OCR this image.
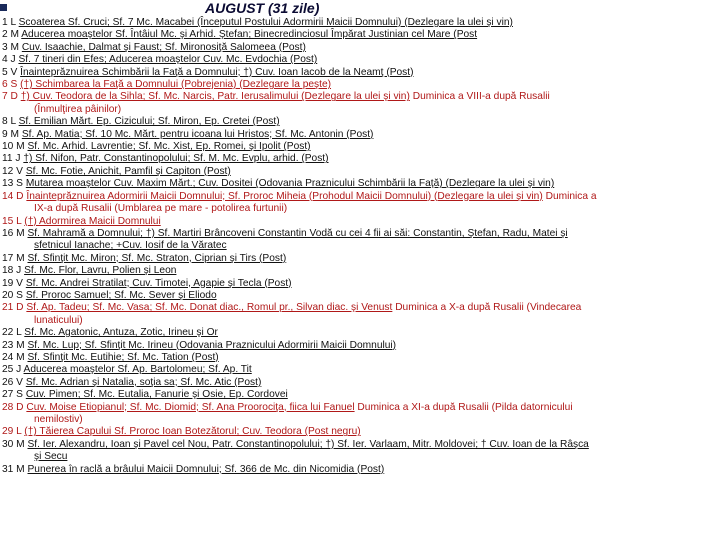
AUGUST (31 zile)
1 L Scoaterea Sf. Cruci; Sf. 7 Mc. Macabei (Începutul Postului Adormirii Maicii Domnului) (Dezlegare la ulei şi vin)
2 M Aducerea moaştelor Sf. Întâiul Mc. şi Arhid. Ştefan; Binecredinciosul Împărat Justinian cel Mare (Post
3 M Cuv. Isaachie, Dalmat şi Faust; Sf. Mironosiţă Salomeea (Post)
4 J Sf. 7 tineri din Efes; Aducerea moaştelor Cuv. Mc. Evdochia (Post)
5 V Înainteprăznuirea Schimbării la Faţă a Domnului; †) Cuv. Ioan Iacob de la Neamţ (Post)
6 S (†) Schimbarea la Faţă a Domnului (Pobrejenia) (Dezlegare la peşte)
7 D †) Cuv. Teodora de la Sihla; Sf. Mc. Narcis, Patr. Ierusalimului (Dezlegare la ulei şi vin) Duminica a VIII-a după Rusalii
(Înmulţirea pâinilor)
8 L Sf. Emilian Mărt. Ep. Cizicului; Sf. Miron, Ep. Cretei (Post)
9 M Sf. Ap. Matia; Sf. 10 Mc. Mărt. pentru icoana lui Hristos; Sf. Mc. Antonin (Post)
10 M Sf. Mc. Arhid. Lavrentie; Sf. Mc. Xist, Ep. Romei, şi Ipolit (Post)
11 J †) Sf. Nifon, Patr. Constantinopolului; Sf. M. Mc. Evplu, arhid. (Post)
12 V Sf. Mc. Fotie, Anichit, Pamfil şi Capiton (Post)
13 S Mutarea moaştelor Cuv. Maxim Mărt.; Cuv. Dositei (Odovania Praznicului Schimbării la Faţă) (Dezlegare la ulei şi vin)
14 D Înainteprăznuirea Adormirii Maicii Domnului; Sf. Proroc Miheia (Prohodul Maicii Domnului) (Dezlegare la ulei şi vin) Duminica a
IX-a după Rusalii (Umblarea pe mare - potolirea furtunii)
15 L (†) Adormirea Maicii Domnului
16 M Sf. Mahramă a Domnului; †) Sf. Martiri Brâncoveni Constantin Vodă cu cei 4 fii ai săi: Constantin, Ştefan, Radu, Matei şi
sfetnicul Ianache; +Cuv. Iosif de la Văratec
17 M Sf. Sfinţit Mc. Miron; Sf. Mc. Straton, Ciprian şi Tirs (Post)
18 J Sf. Mc. Flor, Lavru, Polien şi Leon
19 V Sf. Mc. Andrei Stratilat; Cuv. Timotei, Agapie şi Tecla (Post)
20 S Sf. Proroc Samuel; Sf. Mc. Sever şi Eliodo
21 D Sf. Ap. Tadeu; Sf. Mc. Vasa; Sf. Mc. Donat diac., Romul pr., Silvan diac. şi Venust Duminica a X-a după Rusalii (Vindecarea
lunaticului)
22 L Sf. Mc. Agatonic, Antuza, Zotic, Irineu şi Or
23 M Sf. Mc. Lup; Sf. Sfinţit Mc. Irineu (Odovania Praznicului Adormirii Maicii Domnului)
24 M Sf. Sfinţit Mc. Eutihie; Sf. Mc. Tation (Post)
25 J Aducerea moaştelor Sf. Ap. Bartolomeu; Sf. Ap. Tit
26 V Sf. Mc. Adrian şi Natalia, soţia sa; Sf. Mc. Atic (Post)
27 S Cuv. Pimen; Sf. Mc. Eutalia, Fanurie şi Osie, Ep. Cordovei
28 D Cuv. Moise Etiopianul; Sf. Mc. Diomid; Sf. Ana Proorociţa, fiica lui Fanuel Duminica a XI-a după Rusalii (Pilda datornicului
nemilostiv)
29 L (†) Tăierea Capului Sf. Proroc Ioan Botezătorul; Cuv. Teodora (Post negru)
30 M Sf. Ier. Alexandru, Ioan şi Pavel cel Nou, Patr. Constantinopolului; †) Sf. Ier. Varlaam, Mitr. Moldovei; † Cuv. Ioan de la Râşca
şi Secu
31 M Punerea în raclă a brâului Maicii Domnului; Sf. 366 de Mc. din Nicomidia (Post)
